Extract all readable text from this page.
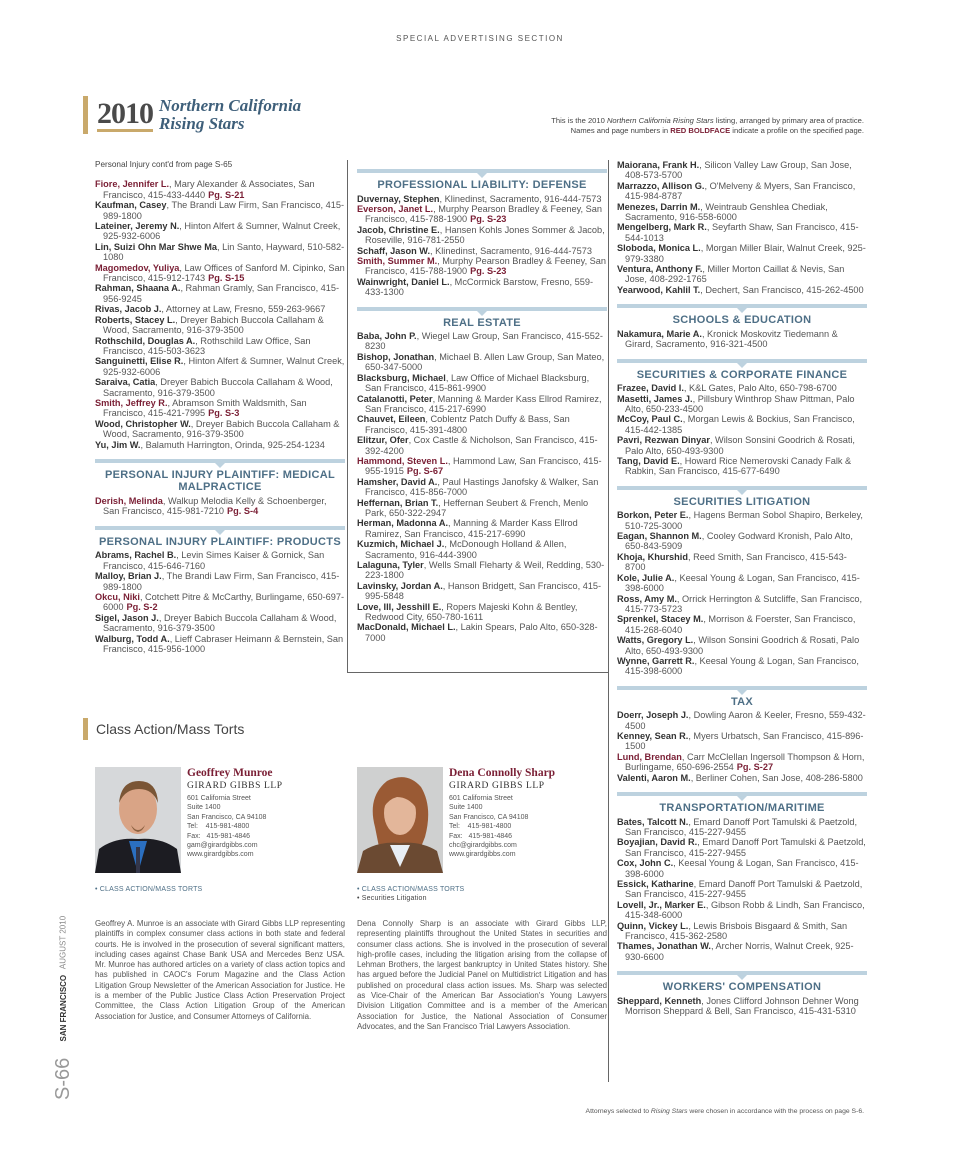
SPECIAL ADVERTISING SECTION
2010 Northern California
Rising Stars	This is the 2010 Northern California Rising Stars listing, arranged by primary area of practice.
Names and page numbers in RED BOLDFACE indicate a profile on the specified page.
Personal Injury cont'd from page S-65
Fiore, Jennifer L., Mary Alexander & Associates, San Francisco, 415-433-4440 Pg. S-21
Kaufman, Casey, The Brandi Law Firm, San Francisco, 415-989-1800
Lateiner, Jeremy N., Hinton Alfert & Sumner, Walnut Creek, 925-932-6006
Lin, Suizi Ohn Mar Shwe Ma, Lin Santo, Hayward, 510-582-1080
Magomedov, Yuliya, Law Offices of Sanford M. Cipinko, San Francisco, 415-912-1743 Pg. S-15
Rahman, Shaana A., Rahman Gramly, San Francisco, 415-956-9245
Rivas, Jacob J., Attorney at Law, Fresno, 559-263-9667
Roberts, Stacey L., Dreyer Babich Buccola Callaham & Wood, Sacramento, 916-379-3500
Rothschild, Douglas A., Rothschild Law Office, San Francisco, 415-503-3623
Sanguinetti, Elise R., Hinton Alfert & Sumner, Walnut Creek, 925-932-6006
Saraiva, Catia, Dreyer Babich Buccola Callaham & Wood, Sacramento, 916-379-3500
Smith, Jeffrey R., Abramson Smith Waldsmith, San Francisco, 415-421-7995 Pg. S-3
Wood, Christopher W., Dreyer Babich Buccola Callaham & Wood, Sacramento, 916-379-3500
Yu, Jim W., Balamuth Harrington, Orinda, 925-254-1234
PERSONAL INJURY PLAINTIFF: MEDICAL MALPRACTICE
Derish, Melinda, Walkup Melodia Kelly & Schoenberger, San Francisco, 415-981-7210 Pg. S-4
PERSONAL INJURY PLAINTIFF: PRODUCTS
Abrams, Rachel B., Levin Simes Kaiser & Gornick, San Francisco, 415-646-7160
Malloy, Brian J., The Brandi Law Firm, San Francisco, 415-989-1800
Okcu, Niki, Cotchett Pitre & McCarthy, Burlingame, 650-697-6000 Pg. S-2
Sigel, Jason J., Dreyer Babich Buccola Callaham & Wood, Sacramento, 916-379-3500
Walburg, Todd A., Lieff Cabraser Heimann & Bernstein, San Francisco, 415-956-1000
PROFESSIONAL LIABILITY: DEFENSE
Duvernay, Stephen, Klinedinst, Sacramento, 916-444-7573
Everson, Janet L., Murphy Pearson Bradley & Feeney, San Francisco, 415-788-1900 Pg. S-23
Jacob, Christine E., Hansen Kohls Jones Sommer & Jacob, Roseville, 916-781-2550
Schaff, Jason W., Klinedinst, Sacramento, 916-444-7573
Smith, Summer M., Murphy Pearson Bradley & Feeney, San Francisco, 415-788-1900 Pg. S-23
Wainwright, Daniel L., McCormick Barstow, Fresno, 559-433-1300
REAL ESTATE
Baba, John P., Wiegel Law Group, San Francisco, 415-552-8230
Bishop, Jonathan, Michael B. Allen Law Group, San Mateo, 650-347-5000
Blacksburg, Michael, Law Office of Michael Blacksburg, San Francisco, 415-861-9900
Catalanotti, Peter, Manning & Marder Kass Ellrod Ramirez, San Francisco, 415-217-6990
Chauvet, Eileen, Coblentz Patch Duffy & Bass, San Francisco, 415-391-4800
Elitzur, Ofer, Cox Castle & Nicholson, San Francisco, 415-392-4200
Hammond, Steven L., Hammond Law, San Francisco, 415-955-1915 Pg. S-67
Hamsher, David A., Paul Hastings Janofsky & Walker, San Francisco, 415-856-7000
Heffernan, Brian T., Heffernan Seubert & French, Menlo Park, 650-322-2947
Herman, Madonna A., Manning & Marder Kass Ellrod Ramirez, San Francisco, 415-217-6990
Kuzmich, Michael J., McDonough Holland & Allen, Sacramento, 916-444-3900
Lalaguna, Tyler, Wells Small Fleharty & Weil, Redding, 530-223-1800
Lavinsky, Jordan A., Hanson Bridgett, San Francisco, 415-995-5848
Love, III, Jesshill E., Ropers Majeski Kohn & Bentley, Redwood City, 650-780-1611
MacDonald, Michael L., Lakin Spears, Palo Alto, 650-328-7000
Maiorana, Frank H., Silicon Valley Law Group, San Jose, 408-573-5700
Marrazzo, Allison G., O'Melveny & Myers, San Francisco, 415-984-8787
Menezes, Darrin M., Weintraub Genshlea Chediak, Sacramento, 916-558-6000
Mengelberg, Mark R., Seyfarth Shaw, San Francisco, 415-544-1013
Sloboda, Monica L., Morgan Miller Blair, Walnut Creek, 925-979-3380
Ventura, Anthony F., Miller Morton Caillat & Nevis, San Jose, 408-292-1765
Yearwood, Kahlil T., Dechert, San Francisco, 415-262-4500
SCHOOLS & EDUCATION
Nakamura, Marie A., Kronick Moskovitz Tiedemann & Girard, Sacramento, 916-321-4500
SECURITIES & CORPORATE FINANCE
Frazee, David I., K&L Gates, Palo Alto, 650-798-6700
Masetti, James J., Pillsbury Winthrop Shaw Pittman, Palo Alto, 650-233-4500
McCoy, Paul C., Morgan Lewis & Bockius, San Francisco, 415-442-1385
Pavri, Rezwan Dinyar, Wilson Sonsini Goodrich & Rosati, Palo Alto, 650-493-9300
Tang, David E., Howard Rice Nemerovski Canady Falk & Rabkin, San Francisco, 415-677-6490
SECURITIES LITIGATION
Borkon, Peter E., Hagens Berman Sobol Shapiro, Berkeley, 510-725-3000
Eagan, Shannon M., Cooley Godward Kronish, Palo Alto, 650-843-5909
Khoja, Khurshid, Reed Smith, San Francisco, 415-543-8700
Kole, Julie A., Keesal Young & Logan, San Francisco, 415-398-6000
Ross, Amy M., Orrick Herrington & Sutcliffe, San Francisco, 415-773-5723
Sprenkel, Stacey M., Morrison & Foerster, San Francisco, 415-268-6040
Watts, Gregory L., Wilson Sonsini Goodrich & Rosati, Palo Alto, 650-493-9300
Wynne, Garrett R., Keesal Young & Logan, San Francisco, 415-398-6000
TAX
Doerr, Joseph J., Dowling Aaron & Keeler, Fresno, 559-432-4500
Kenney, Sean R., Myers Urbatsch, San Francisco, 415-896-1500
Lund, Brendan, Carr McClellan Ingersoll Thompson & Horn, Burlingame, 650-696-2554 Pg. S-27
Valenti, Aaron M., Berliner Cohen, San Jose, 408-286-5800
TRANSPORTATION/MARITIME
Bates, Talcott N., Emard Danoff Port Tamulski & Paetzold, San Francisco, 415-227-9455
Boyajian, David R., Emard Danoff Port Tamulski & Paetzold, San Francisco, 415-227-9455
Cox, John C., Keesal Young & Logan, San Francisco, 415-398-6000
Essick, Katharine, Emard Danoff Port Tamulski & Paetzold, San Francisco, 415-227-9455
Lovell, Jr., Marker E., Gibson Robb & Lindh, San Francisco, 415-348-6000
Quinn, Vickey L., Lewis Brisbois Bisgaard & Smith, San Francisco, 415-362-2580
Thames, Jonathan W., Archer Norris, Walnut Creek, 925-930-6600
WORKERS' COMPENSATION
Sheppard, Kenneth, Jones Clifford Johnson Dehner Wong Morrison Sheppard & Bell, San Francisco, 415-431-5310
Class Action/Mass Torts
Geoffrey Munroe
GIRARD GIBBS LLP
601 California Street
Suite 1400
San Francisco, CA 94108
Tel:    415-981-4800
Fax:   415-981-4846
gam@girardgibbs.com
www.girardgibbs.com
• CLASS ACTION/MASS TORTS
Geoffrey A. Munroe is an associate with Girard Gibbs LLP representing plaintiffs in complex consumer class actions in both state and federal courts. He is involved in the prosecution of several significant matters, including cases against Chase Bank USA and Mercedes Benz USA. Mr. Munroe has authored articles on a variety of class action topics and has published in CAOC's Forum Magazine and the Class Action Litigation Group Newsletter of the American Association for Justice. He is a member of the Public Justice Class Action Preservation Project Committee, the Class Action Litigation Group of the American Association for Justice, and Consumer Attorneys of California.
Dena Connolly Sharp
GIRARD GIBBS LLP
601 California Street
Suite 1400
San Francisco, CA 94108
Tel:    415-981-4800
Fax:   415-981-4846
chc@girardgibbs.com
www.girardgibbs.com
• CLASS ACTION/MASS TORTS
• Securities Litigation
Dena Connolly Sharp is an associate with Girard Gibbs LLP, representing plaintiffs throughout the United States in securities and consumer class actions. She is involved in the prosecution of several high-profile cases, including the litigation arising from the collapse of Lehman Brothers, the largest bankruptcy in United States history. She has argued before the Judicial Panel on Multidistrict Litigation and has published on procedural class action issues. Ms. Sharp was selected as Vice-Chair of the American Bar Association's Young Lawyers Division Litigation Committee and is a member of the American Association for Justice, the National Association of Consumer Advocates, and the San Francisco Trial Lawyers Association.
S-66 SAN FRANCISCO AUGUST 2010
Attorneys selected to Rising Stars were chosen in accordance with the process on page S-6.
